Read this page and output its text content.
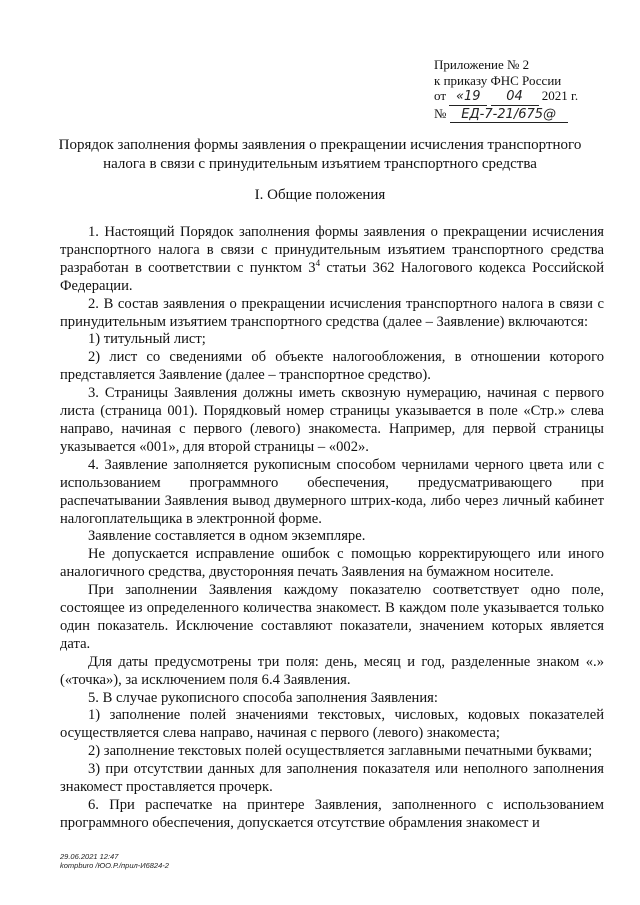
Приложение № 2
к приказу ФНС России
от «19 04 2021 г.
№ ЕД-7-21/675@
Порядок заполнения формы заявления о прекращении исчисления транспортного налога в связи с принудительным изъятием транспортного средства
I. Общие положения

1. Настоящий Порядок заполнения формы заявления о прекращении исчисления транспортного налога в связи с принудительным изъятием транспортного средства разработан в соответствии с пунктом $3^4$ статьи 362 Налогового кодекса Российской Федерации.

2. В состав заявления о прекращении исчисления транспортного налога в связи с принудительным изъятием транспортного средства (далее – Заявление) включаются:

1) титульный лист;

2) лист со сведениями об объекте налогообложения, в отношении которого представляется Заявление (далее – транспортное средство).

3. Страницы Заявления должны иметь сквозную нумерацию, начиная с первого листа (страница 001). Порядковый номер страницы указывается в поле «Стр.» слева направо, начиная с первого (левого) знакоместа. Например, для первой страницы указывается «001», для второй страницы – «002».

4. Заявление заполняется рукописным способом чернилами черного цвета или с использованием программного обеспечения, предусматривающего при распечатывании Заявления вывод двумерного штрих-кода, либо через личный кабинет налогоплательщика в электронной форме.

Заявление составляется в одном экземпляре.

Не допускается исправление ошибок с помощью корректирующего или иного аналогичного средства, двусторонняя печать Заявления на бумажном носителе.

При заполнении Заявления каждому показателю соответствует одно поле, состоящее из определенного количества знакомест. В каждом поле указывается только один показатель. Исключение составляют показатели, значением которых является дата.

Для даты предусмотрены три поля: день, месяц и год, разделенные знаком «.» («точка»), за исключением поля 6.4 Заявления.

5. В случае рукописного способа заполнения Заявления:

1) заполнение полей значениями текстовых, числовых, кодовых показателей осуществляется слева направо, начиная с первого (левого) знакоместа;

2) заполнение текстовых полей осуществляется заглавными печатными буквами;

3) при отсутствии данных для заполнения показателя или неполного заполнения знакомест проставляется прочерк.

6. При распечатке на принтере Заявления, заполненного с использованием программного обеспечения, допускается отсутствие обрамления знакомест и

29.06.2021 12:47
kompburo /ЮО.Р./прил-И6824-2
